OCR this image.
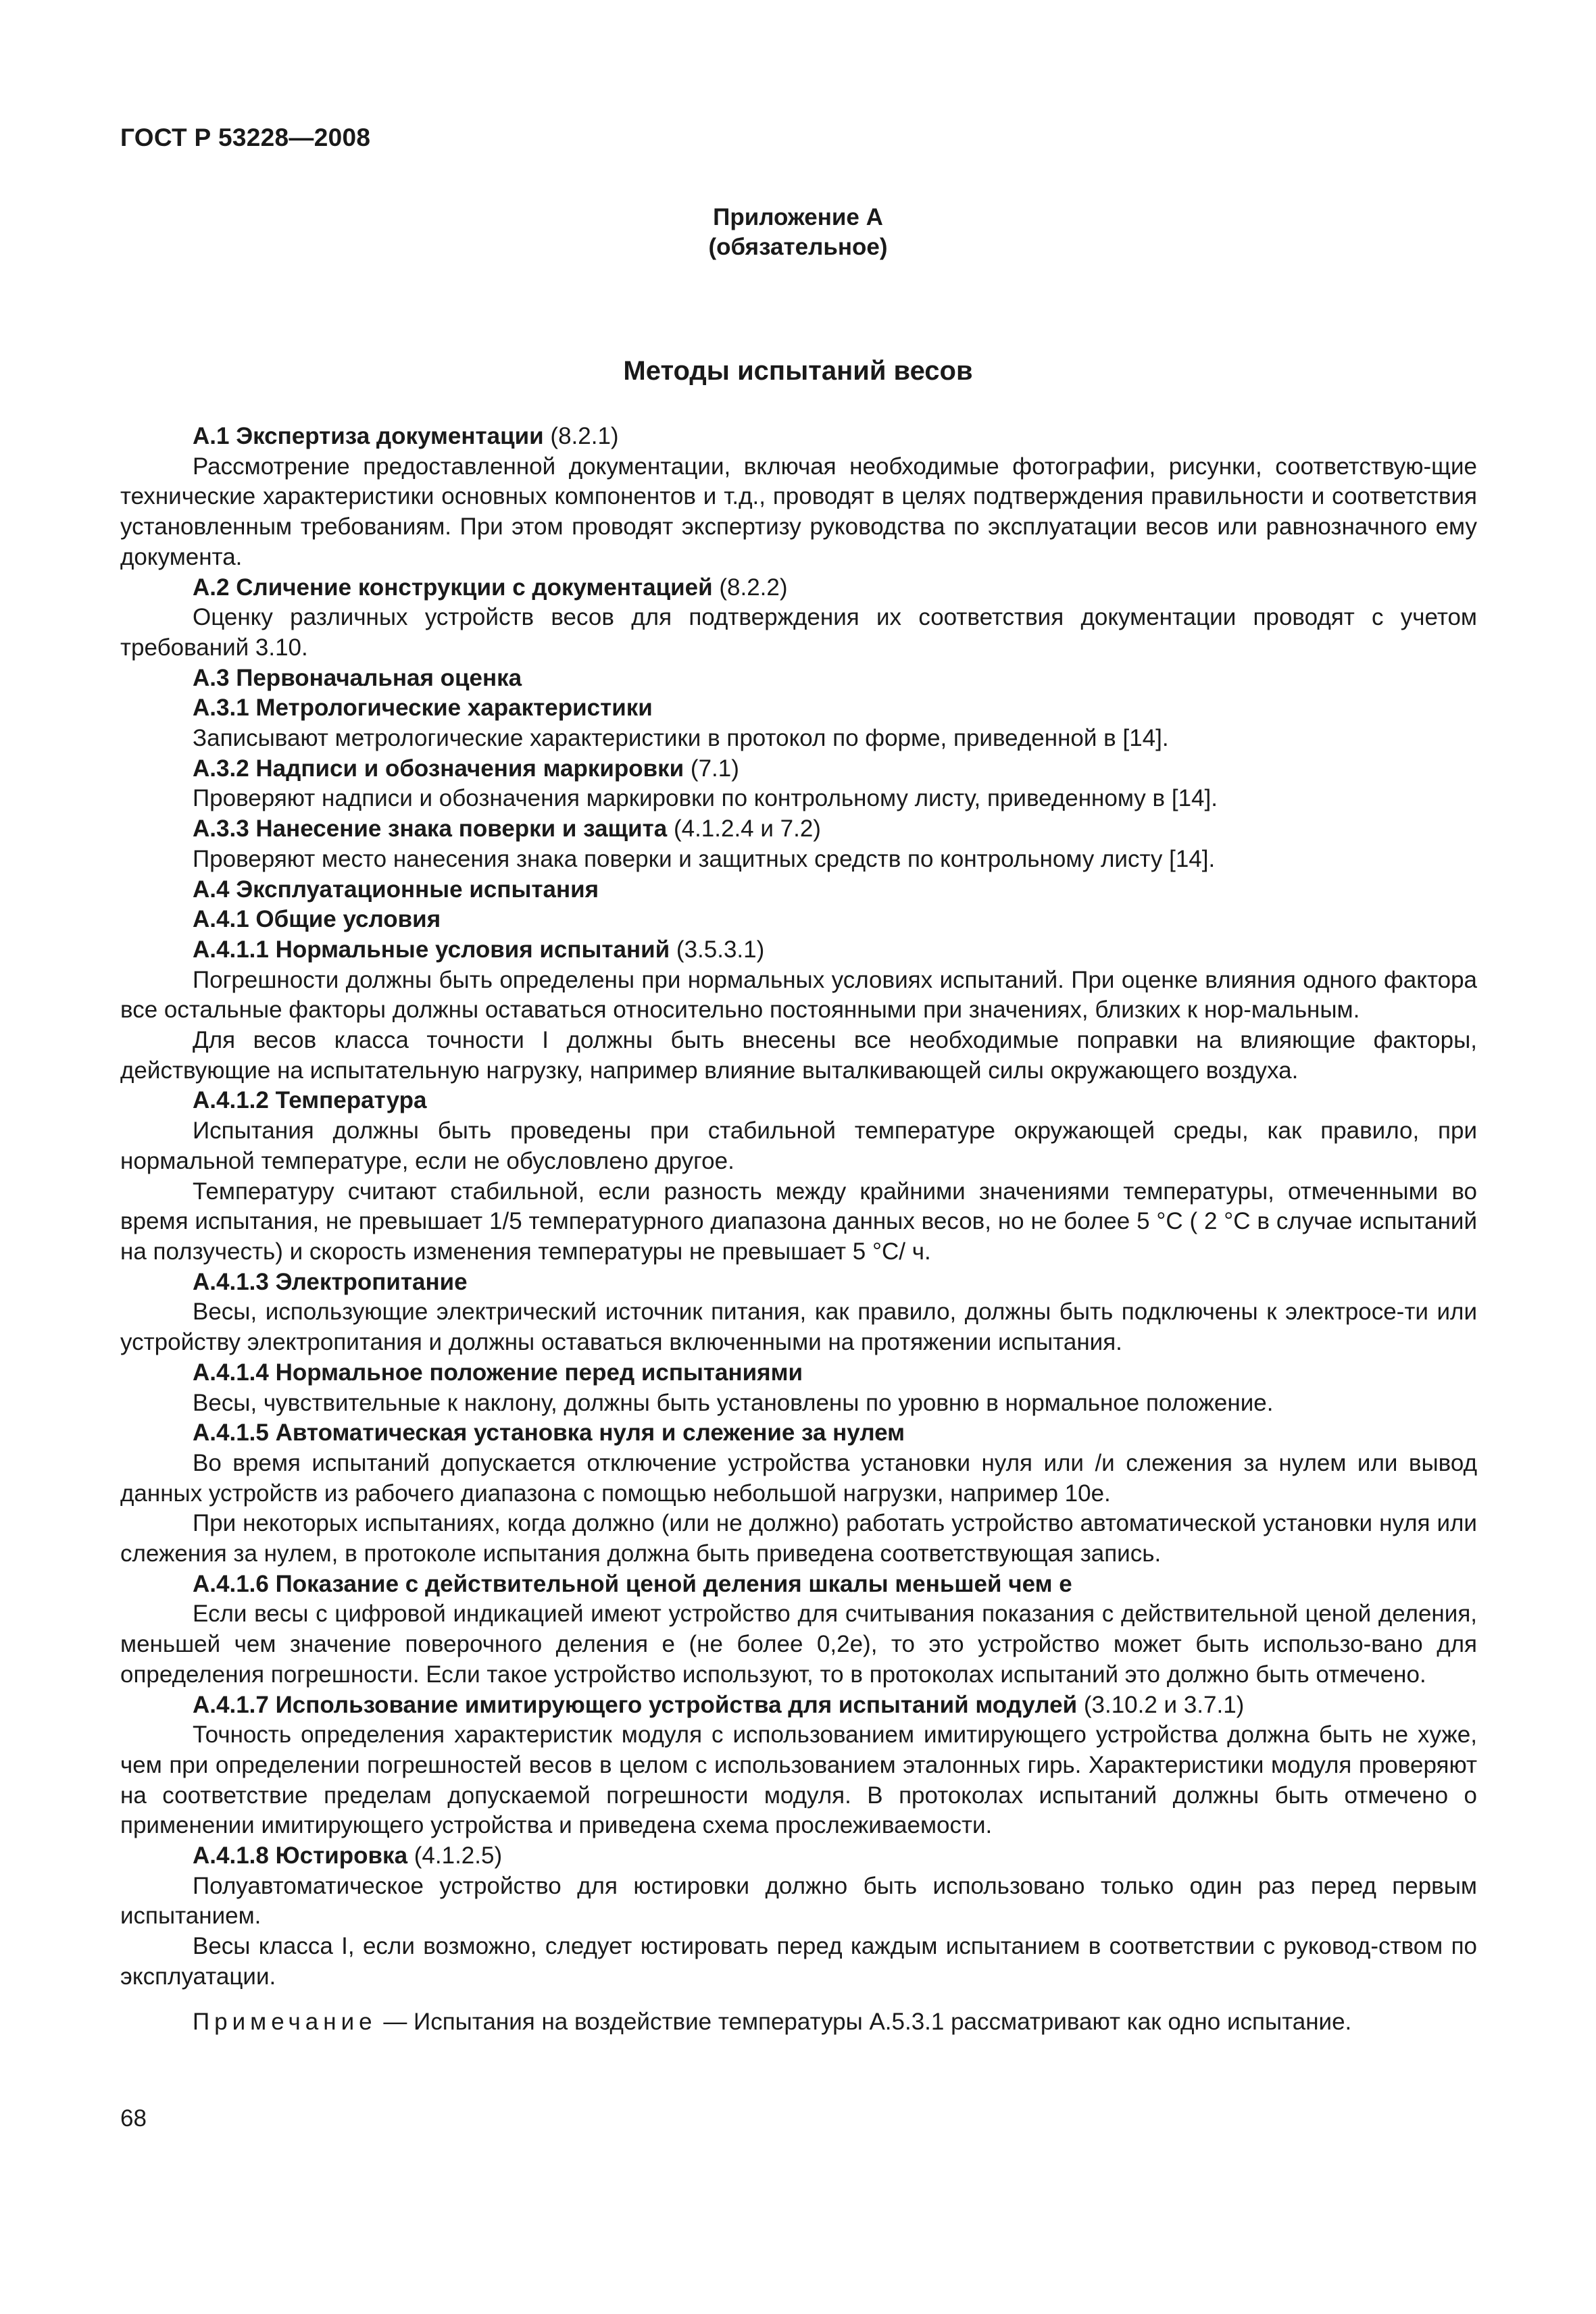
ГОСТ Р 53228—2008
Приложение А
(обязательное)
Методы испытаний весов

А.1 Экспертиза документации (8.2.1)

Рассмотрение предоставленной документации, включая необходимые фотографии, рисунки, соответствую-щие технические характеристики основных компонентов и т.д., проводят в целях подтверждения правильности и соответствия установленным требованиям. При этом проводят экспертизу руководства по эксплуатации весов или равнозначного ему документа.

А.2 Сличение конструкции с документацией (8.2.2)

Оценку различных устройств весов для подтверждения их соответствия документации проводят с учетом требований 3.10.

А.3 Первоначальная оценка

А.3.1 Метрологические характеристики

Записывают метрологические характеристики в протокол по форме, приведенной в [14].

А.3.2 Надписи и обозначения маркировки (7.1)

Проверяют надписи и обозначения маркировки по контрольному листу, приведенному в [14].

А.3.3 Нанесение знака поверки и защита (4.1.2.4 и 7.2)

Проверяют место нанесения знака поверки и защитных средств по контрольному листу [14].

А.4 Эксплуатационные испытания

А.4.1 Общие условия

А.4.1.1 Нормальные условия испытаний (3.5.3.1)

Погрешности должны быть определены при нормальных условиях испытаний. При оценке влияния одного фактора все остальные факторы должны оставаться относительно постоянными при значениях, близких к нор-мальным.

Для весов класса точности I должны быть внесены все необходимые поправки на влияющие факторы, действующие на испытательную нагрузку, например влияние выталкивающей силы окружающего воздуха.

А.4.1.2 Температура

Испытания должны быть проведены при стабильной температуре окружающей среды, как правило, при нормальной температуре, если не обусловлено другое.

Температуру считают стабильной, если разность между крайними значениями температуры, отмеченными во время испытания, не превышает 1/5 температурного диапазона данных весов, но не более 5 °С ( 2 °С в случае испытаний на ползучесть) и скорость изменения температуры не превышает 5 °С/ ч.

А.4.1.3 Электропитание

Весы, использующие электрический источник питания, как правило, должны быть подключены к электросе-ти или устройству электропитания и должны оставаться включенными на протяжении испытания.

А.4.1.4 Нормальное положение перед испытаниями

Весы, чувствительные к наклону, должны быть установлены по уровню в нормальное положение.

А.4.1.5 Автоматическая установка нуля и слежение за нулем

Во время испытаний допускается отключение устройства установки нуля или /и слежения за нулем или вывод данных устройств из рабочего диапазона с помощью небольшой нагрузки, например 10е.

При некоторых испытаниях, когда должно (или не должно) работать устройство автоматической установки нуля или слежения за нулем, в протоколе испытания должна быть приведена соответствующая запись.

А.4.1.6 Показание с действительной ценой деления шкалы меньшей чем е

Если весы с цифровой индикацией имеют устройство для считывания показания с действительной ценой деления, меньшей чем значение поверочного деления е (не более 0,2е), то это устройство может быть использо-вано для определения погрешности. Если такое устройство используют, то в протоколах испытаний это должно быть отмечено.

А.4.1.7 Использование имитирующего устройства для испытаний модулей (3.10.2 и 3.7.1)

Точность определения характеристик модуля с использованием имитирующего устройства должна быть не хуже, чем при определении погрешностей весов в целом с использованием эталонных гирь. Характеристики модуля проверяют на соответствие пределам допускаемой погрешности модуля. В протоколах испытаний должны быть отмечено о применении имитирующего устройства и приведена схема прослеживаемости.

А.4.1.8 Юстировка (4.1.2.5)

Полуавтоматическое устройство для юстировки должно быть использовано только один раз перед первым испытанием.

Весы класса I, если возможно, следует юстировать перед каждым испытанием в соответствии с руковод-ством по эксплуатации.

Примечание — Испытания на воздействие температуры А.5.3.1 рассматривают как одно испытание.

68
